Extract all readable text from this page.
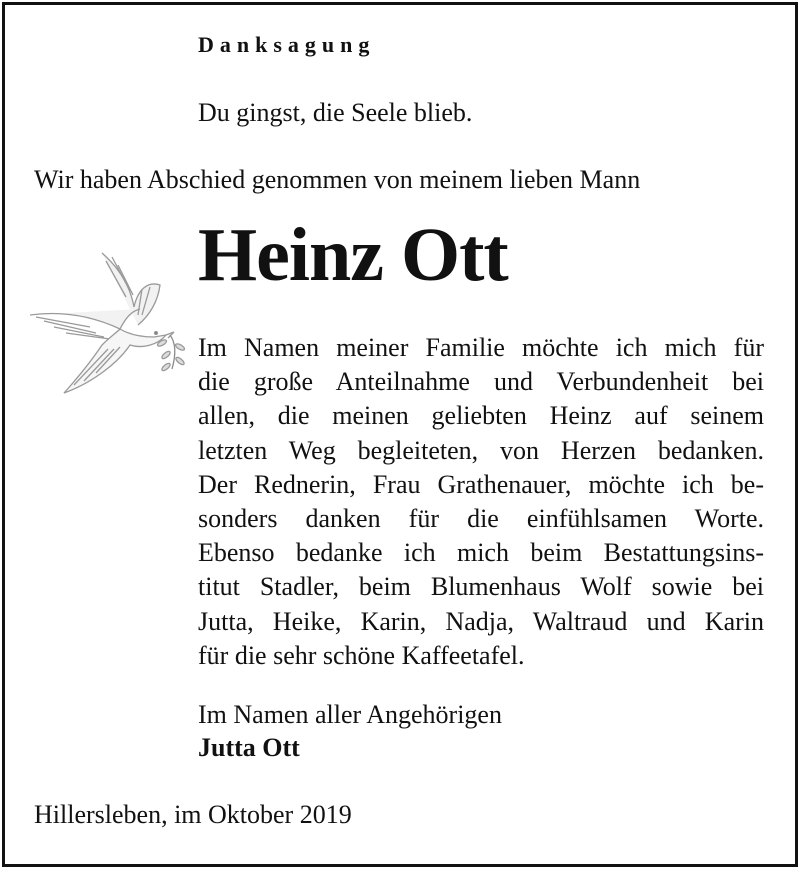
Danksagung
Du gingst, die Seele blieb.
Wir haben Abschied genommen von meinem lieben Mann
Heinz Ott
Im Namen meiner Familie möchte ich mich für
die große Anteilnahme und Verbundenheit bei
allen, die meinen geliebten Heinz auf seinem
letzten Weg begleiteten, von Herzen bedanken.
Der Rednerin, Frau Grathenauer, möchte ich be-
sonders danken für die einfühlsamen Worte.
Ebenso bedanke ich mich beim Bestattungsins-
titut Stadler, beim Blumenhaus Wolf sowie bei
Jutta, Heike, Karin, Nadja, Waltraud und Karin
für die sehr schöne Kaffeetafel.
Im Namen aller Angehörigen
Jutta Ott
Hillersleben, im Oktober 2019
